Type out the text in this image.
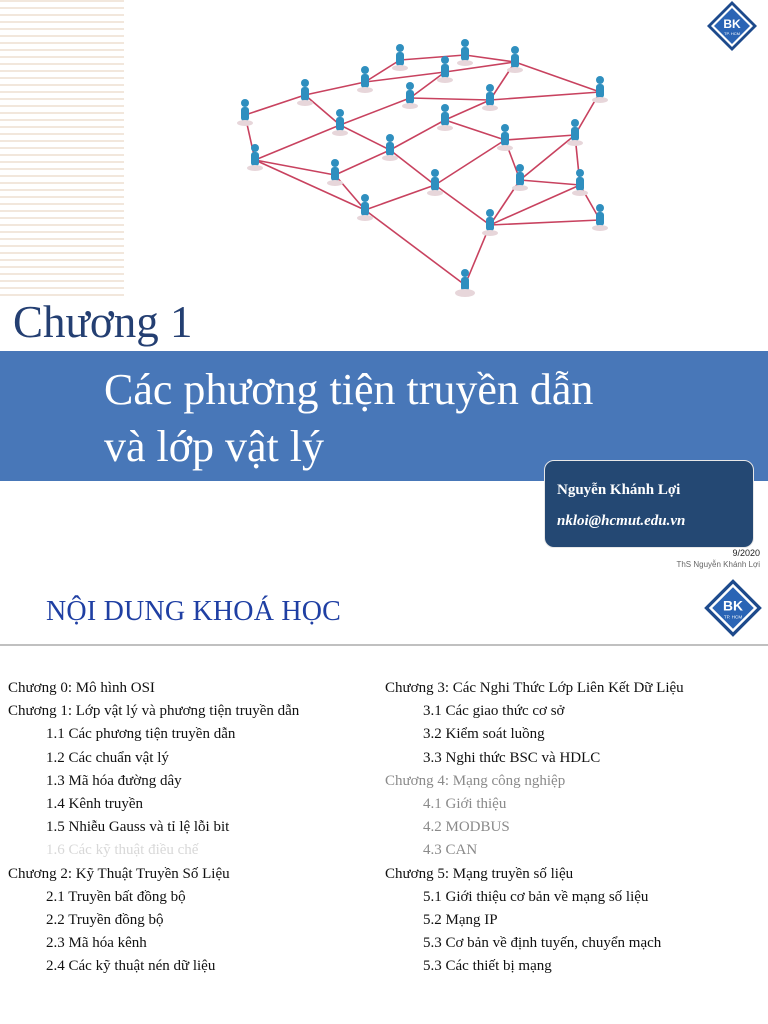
BK
TP. HCM
Chương 1
Các phương tiện truyền dẫn
và lớp vật lý
Nguyễn Khánh Lợi
nkloi@hcmut.edu.vn
9/2020
ThS Nguyễn Khánh Lợi
NỘI DUNG KHOÁ HỌC	BK
TP. HCM
Chương 0: Mô hình OSI
Chương 1: Lớp vật lý và phương tiện truyền dẫn
1.1 Các phương tiện truyền dẫn
1.2 Các chuẩn vật lý
1.3 Mã hóa đường dây
1.4 Kênh truyền
1.5 Nhiễu Gauss và tỉ lệ lỗi bit
1.6 Các kỹ thuật điều chế
Chương 2: Kỹ Thuật Truyền Số Liệu
2.1 Truyền bất đồng bộ
2.2 Truyền đồng bộ
2.3 Mã hóa kênh
2.4 Các kỹ thuật nén dữ liệu
Chương 3: Các Nghi Thức Lớp Liên Kết Dữ Liệu
3.1 Các giao thức cơ sở
3.2 Kiểm soát luồng
3.3 Nghi thức BSC và HDLC
Chương 4: Mạng công nghiệp
4.1 Giới thiệu
4.2 MODBUS
4.3 CAN
Chương 5: Mạng truyền số liệu
5.1 Giới thiệu cơ bản về mạng số liệu
5.2 Mạng IP
5.3 Cơ bản về định tuyến, chuyển mạch
5.3 Các thiết bị mạng
